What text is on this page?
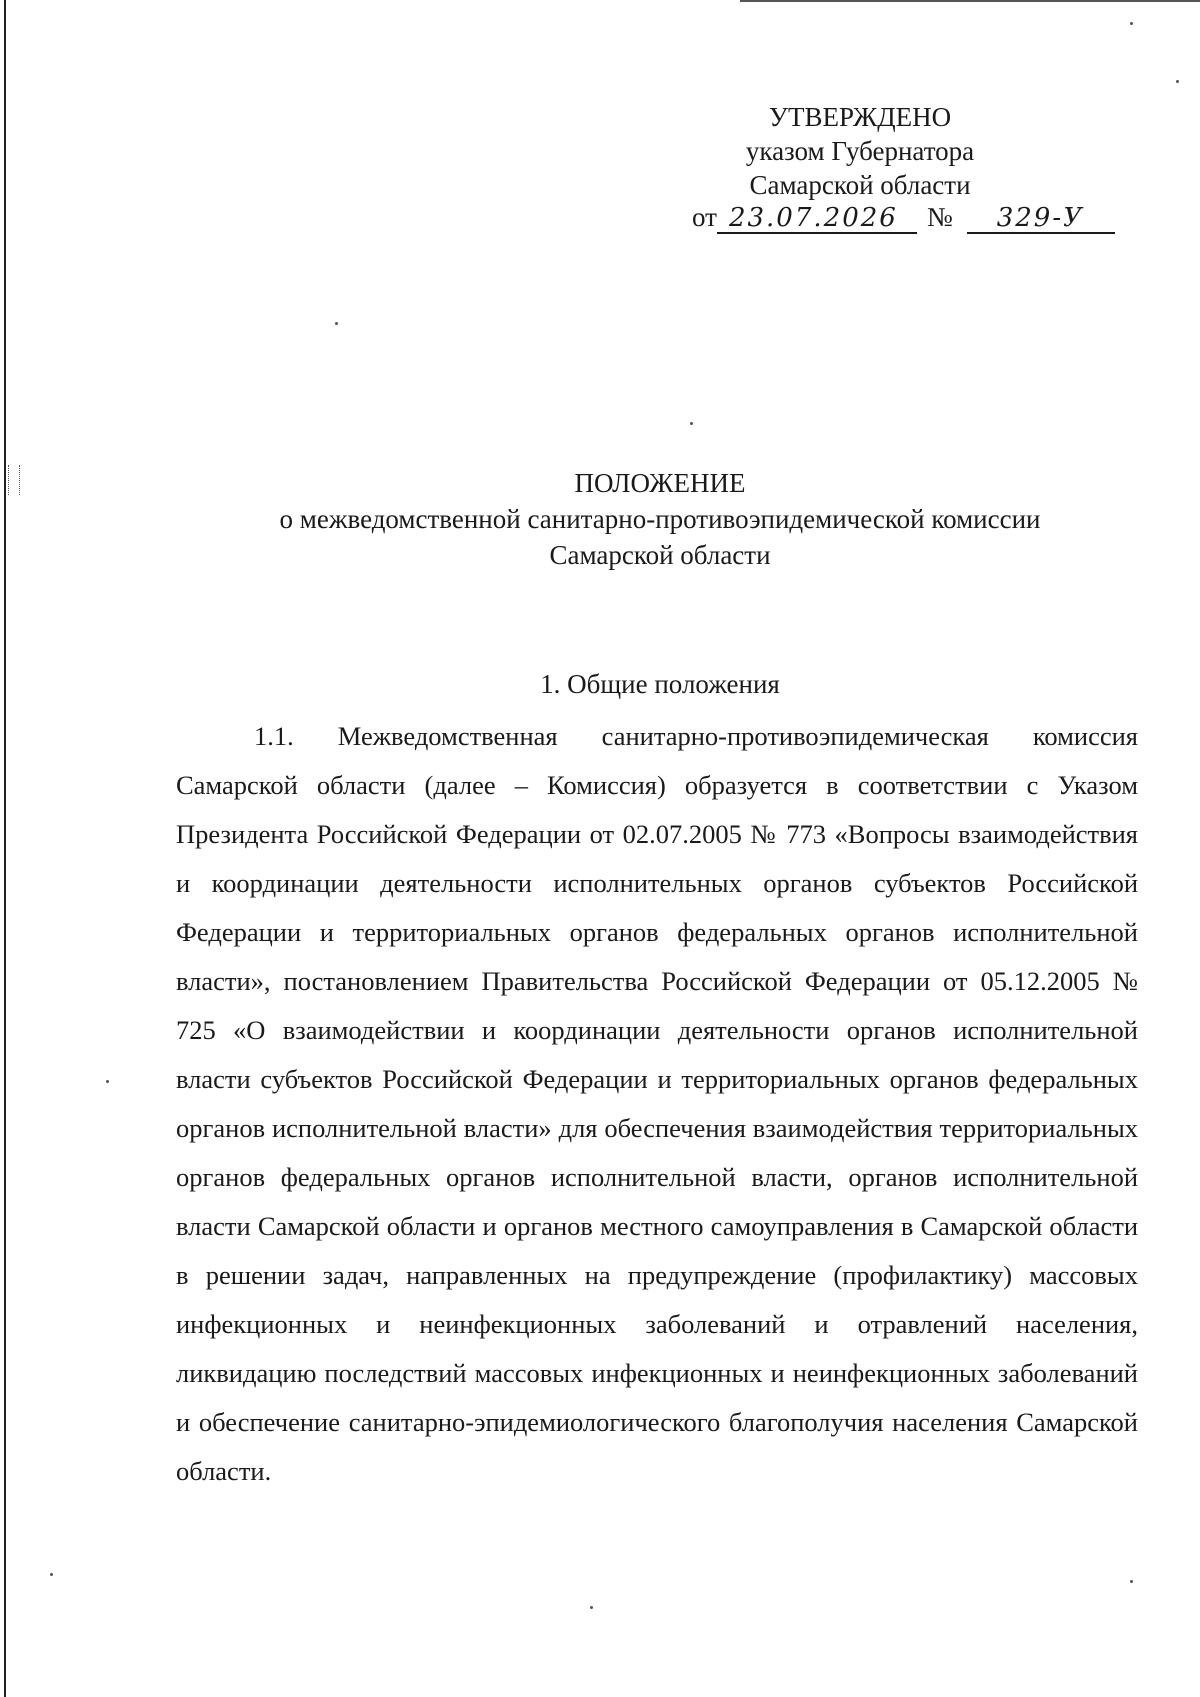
УТВЕРЖДЕНО
указом Губернатора
Самарской области
от 23.07.2026 № 329-У
ПОЛОЖЕНИЕ
о межведомственной санитарно-противоэпидемической комиссии
Самарской области
1. Общие положения

1.1. Межведомственная санитарно-противоэпидемическая комиссия Самарской области (далее – Комиссия) образуется в соответствии с Указом Президента Российской Федерации от 02.07.2005 № 773 «Вопросы взаимодействия и координации деятельности исполнительных органов субъектов Российской Федерации и территориальных органов федеральных органов исполнительной власти», постановлением Правительства Российской Федерации от 05.12.2005 № 725 «О взаимодействии и координации деятельности органов исполнительной власти субъектов Российской Федерации и территориальных органов федеральных органов исполнительной власти» для обеспечения взаимодействия территориальных органов федеральных органов исполнительной власти, органов исполнительной власти Самарской области и органов местного самоуправления в Самарской области в решении задач, направленных на предупреждение (профилактику) массовых инфекционных и неинфекционных заболеваний и отравлений населения, ликвидацию последствий массовых инфекционных и неинфекционных заболеваний и обеспечение санитарно-эпидемиологического благополучия населения Самарской области.
